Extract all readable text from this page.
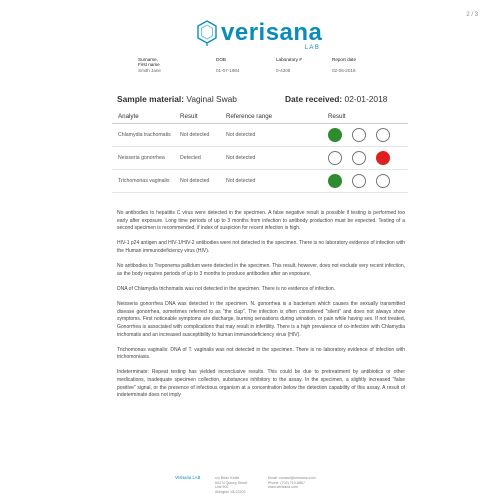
2 / 3
verisana
LAB
Surname,
First name
Smith Jane
DOB

01-07-1984
Laboratory #

0-4305
Report date

02-06-2018
Sample material:
Vaginal Swab	Date received:
02-01-2018
Analyte	Result	Reference range	Result
Chlamydia trachomatis	Not detected	Not detected
Neisseria gonorrhea	Detected	Not detected
Trichomonas vaginalis	Not detected	Not detected

No antibodies to hepatitis C virus were detected in the specimen. A false negative result is possible if testing is performed too early after exposure. Long time periods of up to 3 months from infection to antibody production must be expected. Testing of a second specimen is recommended, if index of suspicion for recent infection is high.

HIV-1 p24 antigen and HIV-1/HIV-2 antibodies were not detected in the specimen. There is no laboratory evidence of infection with the Human immunodeficiency virus (HIV).

No antibodies to Treponema pallidum were detected in the specimen. This result, however, does not exclude very recent infection, as the body requires periods of up to 3 months to produce antibodies after an exposure.

DNA of Chlamydia trichomatis was not detected in the specimen. There is no evidence of infection.

Neisseria gonorrhea DNA was detected in the specimen. N. gonorrhea is a bacterium which causes the sexually transmitted disease gonorrhea, sometimes referred to as "the clap". The infection is often considered "silent" and does not always show symptoms. First noticeable symptoms are discharge, burning sensations during urination, or pain while having sex. If not treated, Gonorrhea is associated with complications that may result in infertility. There is a high prevalence of co-infection with Chlamydia trichomatis and an increased susceptibility to human immunodeficiency virus (HIV).

Trichomonas vaginalis: DNA of T. vaginalis was not detected in the specimen. There is no laboratory evidence of infection with trichomoniasis.

Indeterminate: Repeat testing has yielded inconclusive results. This could be due to pretreatment by antibiotics or other medications, inadequate specimen collection, substances inhibitory to the assay. In the specimen, a slightly increased "false positive" signal, or the presence of infectious organism at a concentration below the detection capability of this assay. A result of indeterminate does not imply

Verisana LAB	c/o Brian Kettle
604 N Quincy Street
Unit 900
Arlington VA 22203
Email: contact@verisana.com
Phone: (702) 710-8867
www.verisana.com
